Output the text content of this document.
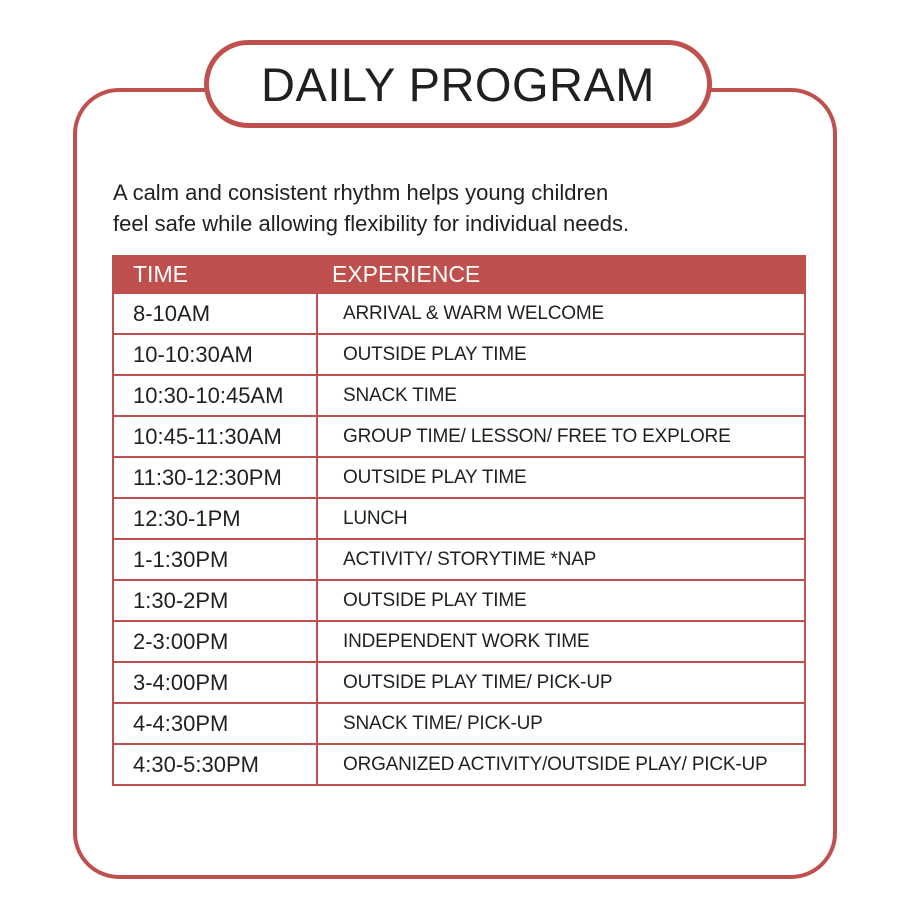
DAILY PROGRAM

A calm and consistent rhythm helps young children
feel safe while allowing flexibility for individual needs.

TIME	EXPERIENCE
8-10AM	ARRIVAL & WARM WELCOME
10-10:30AM	OUTSIDE PLAY TIME
10:30-10:45AM	SNACK TIME
10:45-11:30AM	GROUP TIME/ LESSON/ FREE TO EXPLORE
11:30-12:30PM	OUTSIDE PLAY TIME
12:30-1PM	LUNCH
1-1:30PM	ACTIVITY/ STORYTIME *NAP
1:30-2PM	OUTSIDE PLAY TIME
2-3:00PM	INDEPENDENT WORK TIME
3-4:00PM	OUTSIDE PLAY TIME/ PICK-UP
4-4:30PM	SNACK TIME/ PICK-UP
4:30-5:30PM	ORGANIZED ACTIVITY/OUTSIDE PLAY/ PICK-UP
